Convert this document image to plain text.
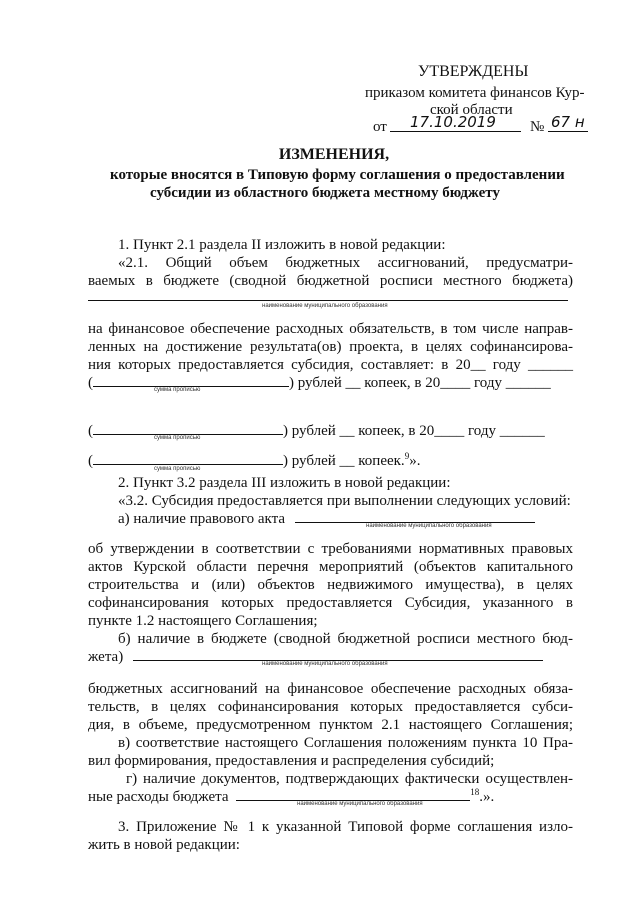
УТВЕРЖДЕНЫ
приказом комитета финансов Кур-
ской области
от 17.10.2019 № 67 н
ИЗМЕНЕНИЯ,
которые вносятся в Типовую форму соглашения о предоставлении
субсидии из областного бюджета местному бюджету
1. Пункт 2.1 раздела II изложить в новой редакции:
«2.1. Общий объем бюджетных ассигнований, предусматри-
ваемых в бюджете (сводной бюджетной росписи местного бюджета)
наименование муниципального образования
на финансовое обеспечение расходных обязательств, в том числе направ-
ленных на достижение результата(ов) проекта, в целях софинансирова-
ния которых предоставляется субсидия, составляет: в 20__ году ______
(	) рублей __ копеек, в 20____ году ______
сумма прописью
(	) рублей __ копеек, в 20____ году ______
сумма прописью
(	) рублей __ копеек.$^9$».
сумма прописью
2. Пункт 3.2 раздела III изложить в новой редакции:
«3.2. Субсидия предоставляется при выполнении следующих условий:
а) наличие правового акта	наименование муниципального образования
об утверждении в соответствии с требованиями нормативных правовых
актов Курской области перечня мероприятий (объектов капитального
строительства и (или) объектов недвижимого имущества), в целях
софинансирования которых предоставляется Субсидия, указанного в
пункте 1.2 настоящего Соглашения;
б) наличие в бюджете (сводной бюджетной росписи местного бюд-
жета)	наименование муниципального образования
бюджетных ассигнований на финансовое обеспечение расходных обяза-
тельств, в целях софинансирования которых предоставляется субси-
дия, в объеме, предусмотренном пунктом 2.1 настоящего Соглашения;
в) соответствие настоящего Соглашения положениям пункта 10 Пра-
вил формирования, предоставления и распределения субсидий;
г) наличие документов, подтверждающих фактически осуществлен-
ные расходы бюджета	$^{18}$.».
наименование муниципального образования
3. Приложение № 1 к указанной Типовой форме соглашения изло-
жить в новой редакции:
